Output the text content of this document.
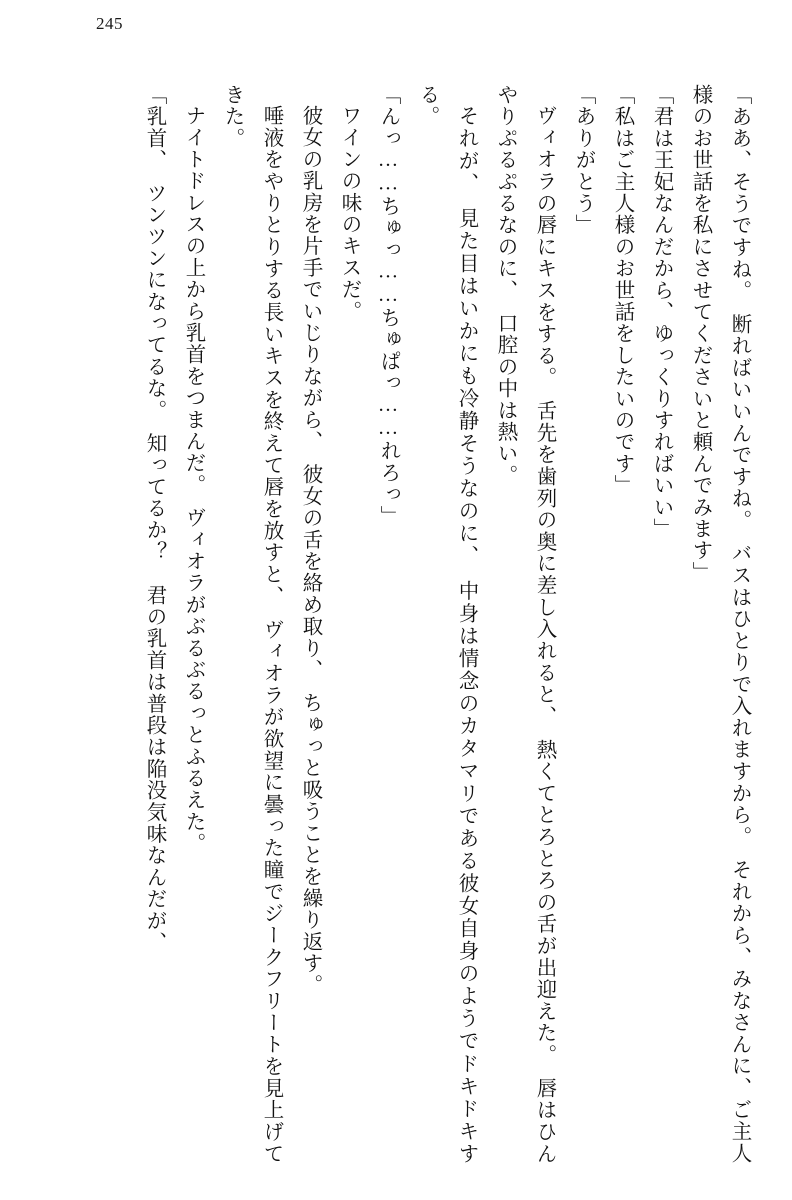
245

「ああ、そうですね。　断ればいいんですね。　バスはひとりで入れますから。　それから、みなさんに、ご主人様のお世話を私にさせてくださいと頼んでみます」

「君は王妃なんだから、ゆっくりすればいい」

「私はご主人様のお世話をしたいのです」

「ありがとう」

ヴィオラの唇にキスをする。　舌先を歯列の奥に差し入れると、　熱くてとろとろの舌が出迎えた。　唇はひんやりぷるぷるなのに、　口腔の中は熱い。

それが、　見た目はいかにも冷静そうなのに、　中身は情念のカタマリである彼女自身のようでドキドキする。

「んっ……ちゅっ……ちゅぱっ……れろっ」

ワインの味のキスだ。

彼女の乳房を片手でいじりながら、　彼女の舌を絡め取り、　ちゅっと吸うことを繰り返す。

唾液をやりとりする長いキスを終えて唇を放すと、　ヴィオラが欲望に曇った瞳でジークフリートを見上げてきた。

ナイトドレスの上から乳首をつまんだ。　ヴィオラがぶるぶるっとふるえた。

「乳首、　ツンツンになってるな。　知ってるか？　君の乳首は普段は陥没気味なんだが、
